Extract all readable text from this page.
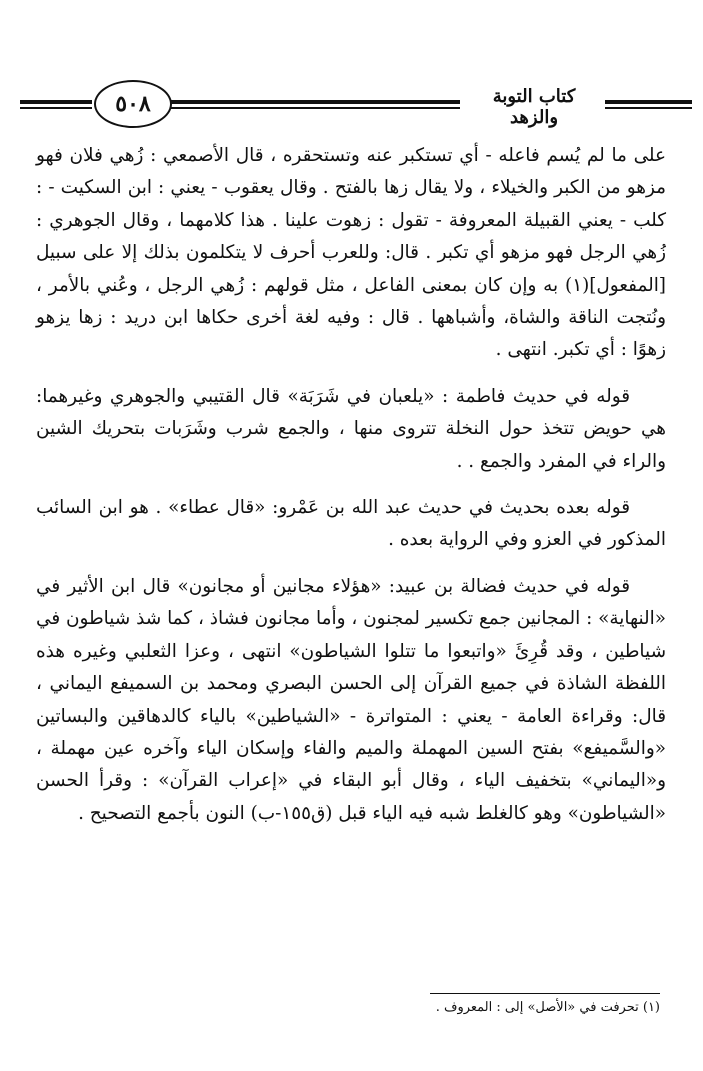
٥٠٨	كتاب التوبة والزهد

على ما لم يُسم فاعله - أي تستكبر عنه وتستحقره ، قال الأصمعي : زُهي فلان فهو مزهو من الكبر والخيلاء ، ولا يقال زها بالفتح . وقال يعقوب - يعني : ابن السكيت - : كلب - يعني القبيلة المعروفة - تقول : زهوت علينا . هذا كلامهما ، وقال الجوهري : زُهي الرجل فهو مزهو أي تكبر . قال: وللعرب أحرف لا يتكلمون بذلك إلا على سبيل [المفعول](١) به وإن كان بمعنى الفاعل ، مثل قولهم : زُهي الرجل ، وعُني بالأمر ، ونُتجت الناقة والشاة، وأشباهها . قال : وفيه لغة أخرى حكاها ابن دريد : زها يزهو زهوًا : أي تكبر. انتهى .

قوله في حديث فاطمة : «يلعبان في شَرَبَة» قال القتيبي والجوهري وغيرهما: هي حويض تتخذ حول النخلة تتروى منها ، والجمع شرب وشَرَبات بتحريك الشين والراء في المفرد والجمع . .

قوله بعده بحديث في حديث عبد الله بن عَمْرو: «قال عطاء» . هو ابن السائب المذكور في العزو وفي الرواية بعده .

قوله في حديث فضالة بن عبيد: «هؤلاء مجانين أو مجانون» قال ابن الأثير في «النهاية» : المجانين جمع تكسير لمجنون ، وأما مجانون فشاذ ، كما شذ شياطون في شياطين ، وقد قُرِئَ «واتبعوا ما تتلوا الشياطون» انتهى ، وعزا الثعلبي وغيره هذه اللفظة الشاذة في جميع القرآن إلى الحسن البصري ومحمد بن السميفع اليماني ، قال: وقراءة العامة - يعني : المتواترة - «الشياطين» بالياء كالدهاقين والبساتين «والسَّميفع» بفتح السين المهملة والميم والفاء وإسكان الياء وآخره عين مهملة ، و«اليماني» بتخفيف الياء ، وقال أبو البقاء في «إعراب القرآن» : وقرأ الحسن «الشياطون» وهو كالغلط شبه فيه الياء قبل (ق١٥٥-ب) النون بأجمع التصحيح .

(١) تحرفت في «الأصل» إلى : المعروف .
